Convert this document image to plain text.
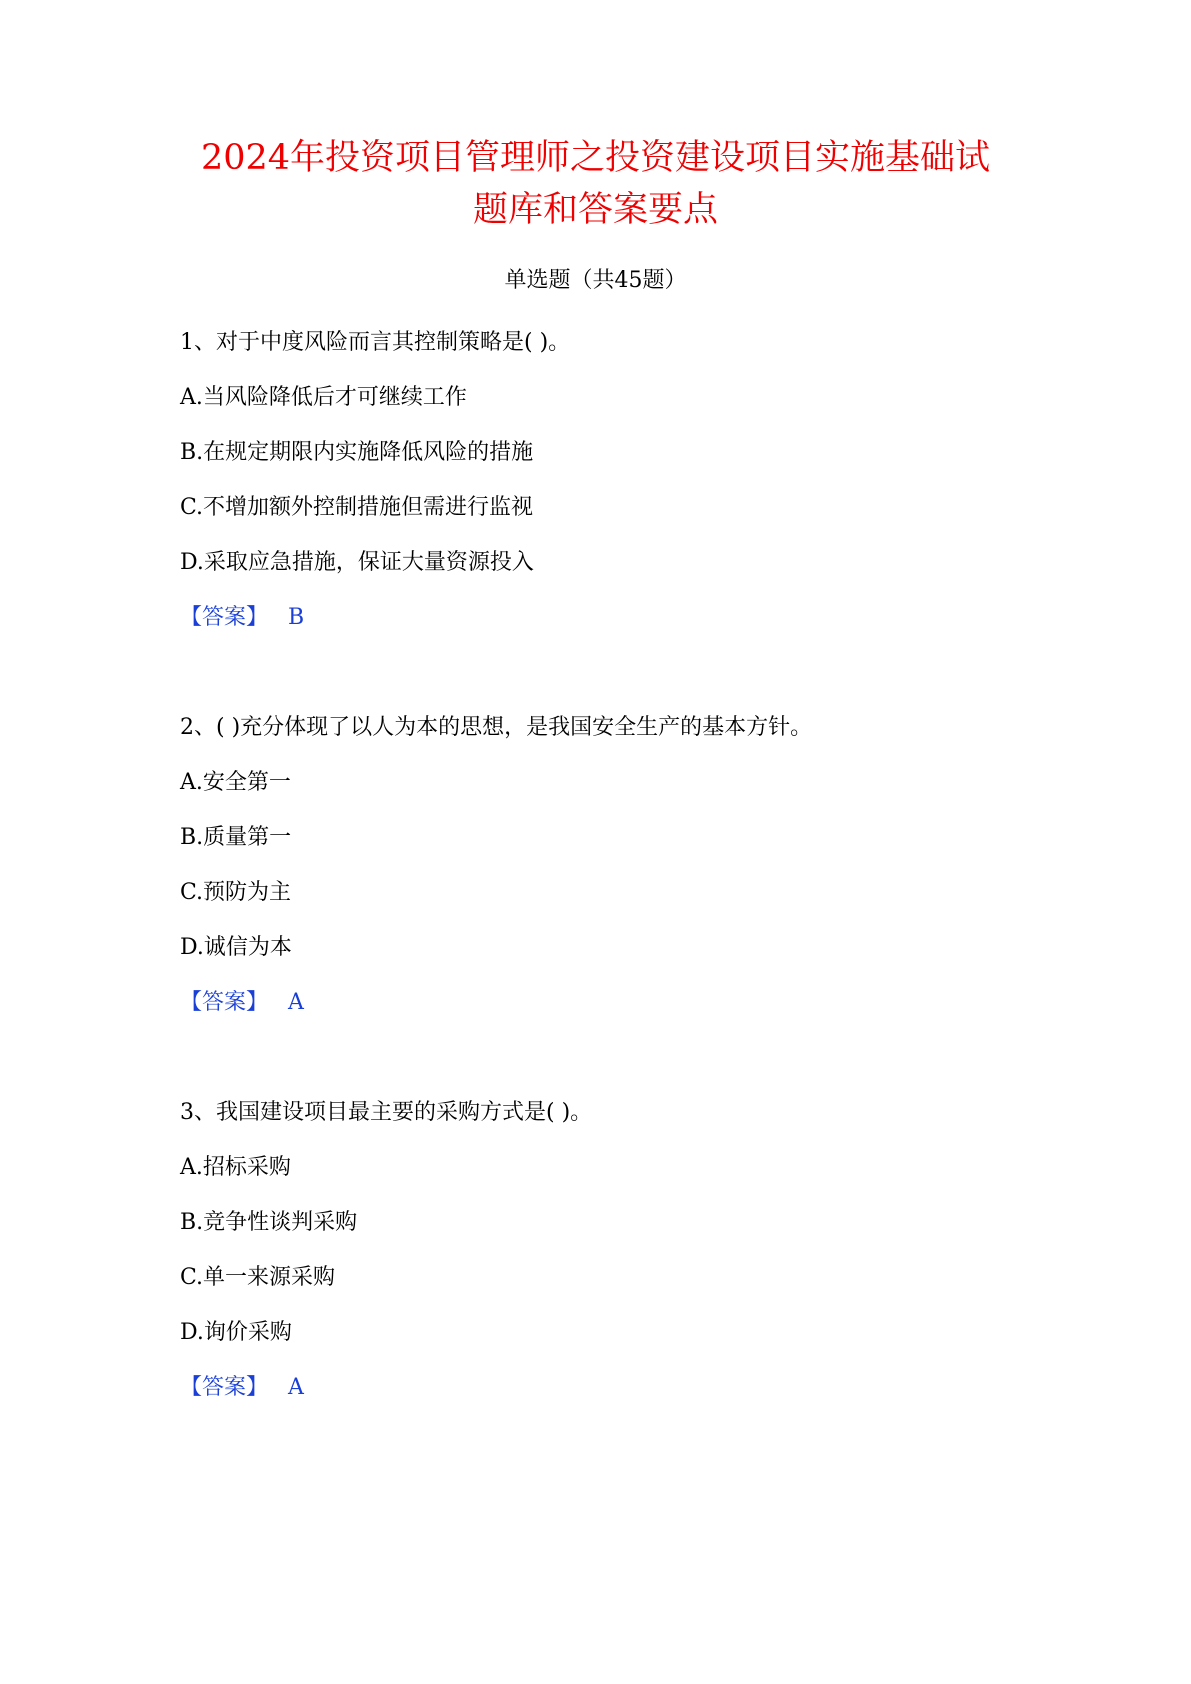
2024年投资项目管理师之投资建设项目实施基础试
题库和答案要点
单选题（共45题）
1、对于中度风险而言其控制策略是( )。
A.当风险降低后才可继续工作
B.在规定期限内实施降低风险的措施
C.不增加额外控制措施但需进行监视
D.采取应急措施，保证大量资源投入
【答案】 B
2、( )充分体现了以人为本的思想，是我国安全生产的基本方针。
A.安全第一
B.质量第一
C.预防为主
D.诚信为本
【答案】 A
3、我国建设项目最主要的采购方式是( )。
A.招标采购
B.竞争性谈判采购
C.单一来源采购
D.询价采购
【答案】 A
